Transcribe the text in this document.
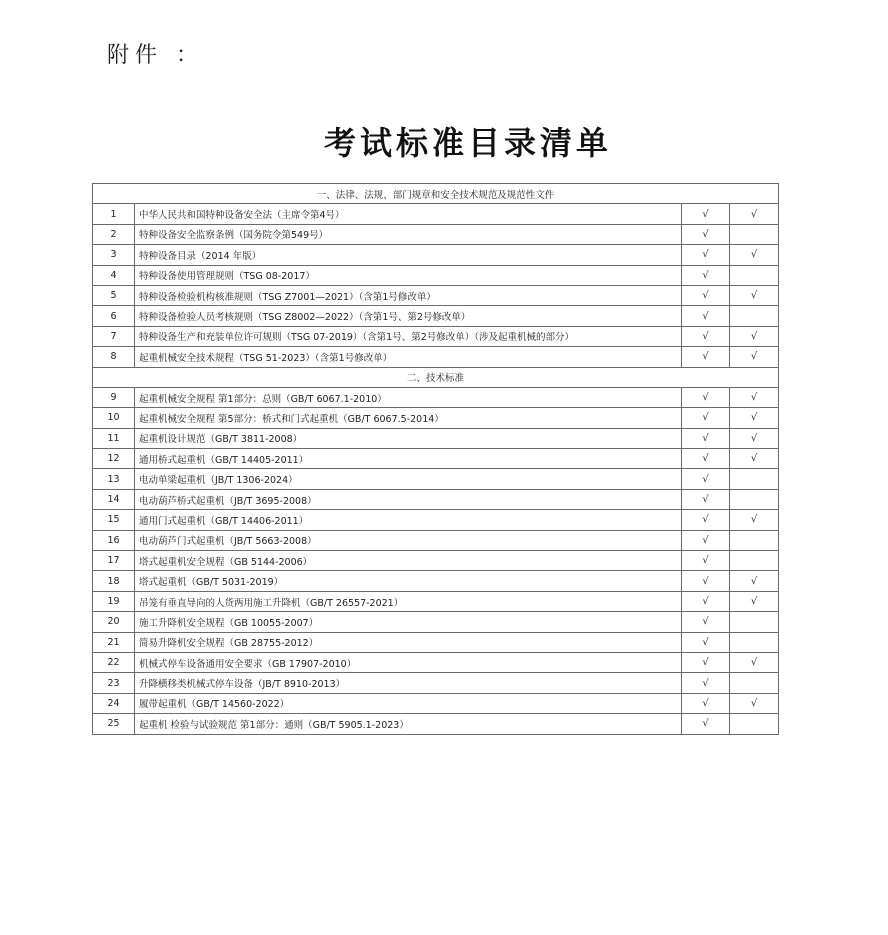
附件 ：
考试标准目录清单
一、法律、法规、部门规章和安全技术规范及规范性文件			
1	中华人民共和国特种设备安全法（主席令第4号）	√	√
2	特种设备安全监察条例（国务院令第549号）	√	
3	特种设备目录（2014 年版）	√	√
4	特种设备使用管理规则（TSG 08-2017）	√	
5	特种设备检验机构核准规则（TSG Z7001—2021）（含第1号修改单）	√	√
6	特种设备检验人员考核规则（TSG Z8002—2022）（含第1号、第2号修改单）	√	
7	特种设备生产和充装单位许可规则（TSG 07-2019）（含第1号、第2号修改单）（涉及起重机械的部分）	√	√
8	起重机械安全技术规程（TSG 51-2023）（含第1号修改单）	√	√
二、技术标准			
9	起重机械安全规程 第1部分：总则（GB/T 6067.1-2010）	√	√
10	起重机械安全规程 第5部分：桥式和门式起重机（GB/T 6067.5-2014）	√	√
11	起重机设计规范（GB/T 3811-2008）	√	√
12	通用桥式起重机（GB/T 14405-2011）	√	√
13	电动单梁起重机（JB/T 1306-2024）	√	
14	电动葫芦桥式起重机（JB/T 3695-2008）	√	
15	通用门式起重机（GB/T 14406-2011）	√	√
16	电动葫芦门式起重机（JB/T 5663-2008）	√	
17	塔式起重机安全规程（GB 5144-2006）	√	
18	塔式起重机（GB/T 5031-2019）	√	√
19	吊笼有垂直导向的人货两用施工升降机（GB/T 26557-2021）	√	√
20	施工升降机安全规程（GB 10055-2007）	√	
21	简易升降机安全规程（GB 28755-2012）	√	
22	机械式停车设备通用安全要求（GB 17907-2010）	√	√
23	升降横移类机械式停车设备（JB/T 8910-2013）	√	
24	履带起重机（GB/T 14560-2022）	√	√
25	起重机 检验与试验规范 第1部分：通则（GB/T 5905.1-2023）	√	
